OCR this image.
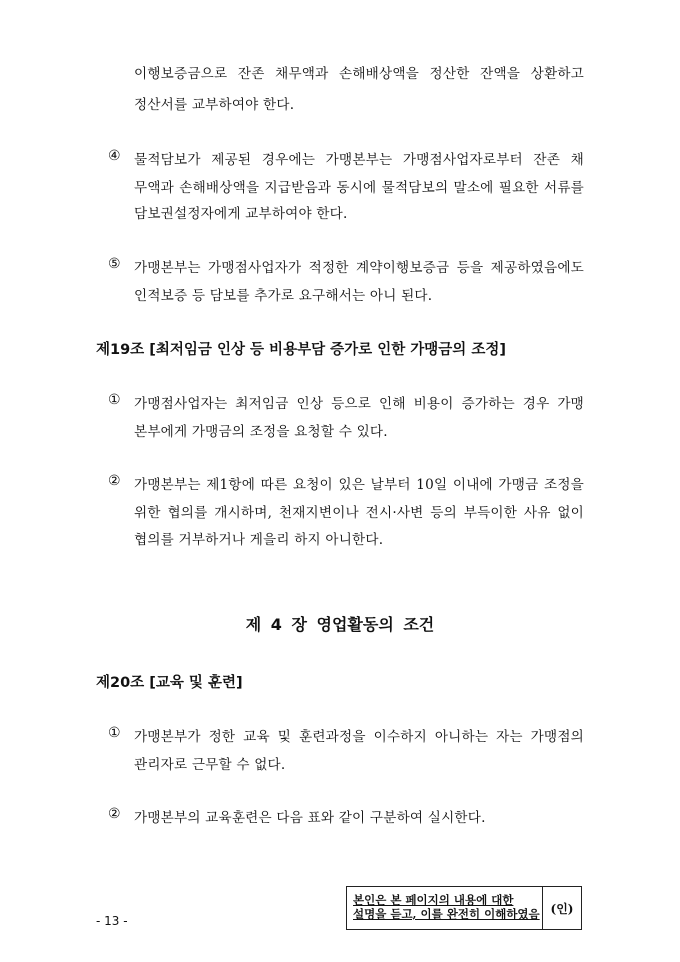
이행보증금으로 잔존 채무액과 손해배상액을 정산한 잔액을 상환하고
정산서를 교부하여야 한다.
④ 물적담보가 제공된 경우에는 가맹본부는 가맹점사업자로부터 잔존 채
무액과 손해배상액을 지급받음과 동시에 물적담보의 말소에 필요한 서류를
담보권설정자에게 교부하여야 한다.
⑤ 가맹본부는 가맹점사업자가 적정한 계약이행보증금 등을 제공하였음에도
인적보증 등 담보를 추가로 요구해서는 아니 된다.
제19조 [최저임금 인상 등 비용부담 증가로 인한 가맹금의 조정]
① 가맹점사업자는 최저임금 인상 등으로 인해 비용이 증가하는 경우 가맹
본부에게 가맹금의 조정을 요청할 수 있다.
② 가맹본부는 제1항에 따른 요청이 있은 날부터 10일 이내에 가맹금 조정을
위한 협의를 개시하며, 천재지변이나 전시·사변 등의 부득이한 사유 없이
협의를 거부하거나 게을리 하지 아니한다.
제 4 장 영업활동의 조건
제20조 [교육 및 훈련]
① 가맹본부가 정한 교육 및 훈련과정을 이수하지 아니하는 자는 가맹점의
관리자로 근무할 수 없다.
② 가맹본부의 교육훈련은 다음 표와 같이 구분하여 실시한다.
- 13 -
본인은 본 페이지의 내용에 대한
설명을 듣고, 이를 완전히 이해하였음 (인)
